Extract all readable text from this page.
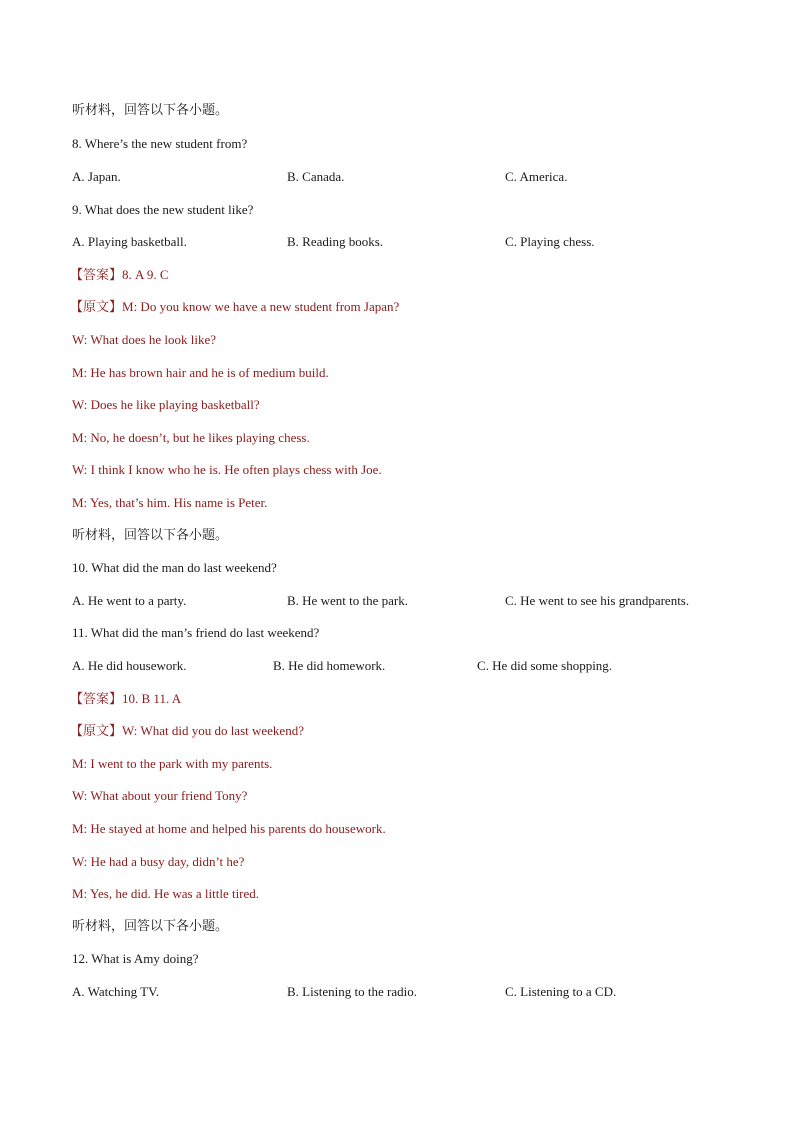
听材料，回答以下各小题。
8. Where’s the new student from?
A. Japan.	B. Canada.	C. America.
9. What does the new student like?
A. Playing basketball.	B. Reading books.	C. Playing chess.
【答案】8. A 9. C
【原文】M: Do you know we have a new student from Japan?
W: What does he look like?
M: He has brown hair and he is of medium build.
W: Does he like playing basketball?
M: No, he doesn’t, but he likes playing chess.
W: I think I know who he is. He often plays chess with Joe.
M: Yes, that’s him. His name is Peter.
听材料，回答以下各小题。
10. What did the man do last weekend?
A. He went to a party.	B. He went to the park.	C. He went to see his grandparents.
11. What did the man’s friend do last weekend?
A. He did housework.	B. He did homework.	C. He did some shopping.
【答案】10. B 11. A
【原文】W: What did you do last weekend?
M: I went to the park with my parents.
W: What about your friend Tony?
M: He stayed at home and helped his parents do housework.
W: He had a busy day, didn’t he?
M: Yes, he did. He was a little tired.
听材料，回答以下各小题。
12. What is Amy doing?
A. Watching TV.	B. Listening to the radio.	C. Listening to a CD.
